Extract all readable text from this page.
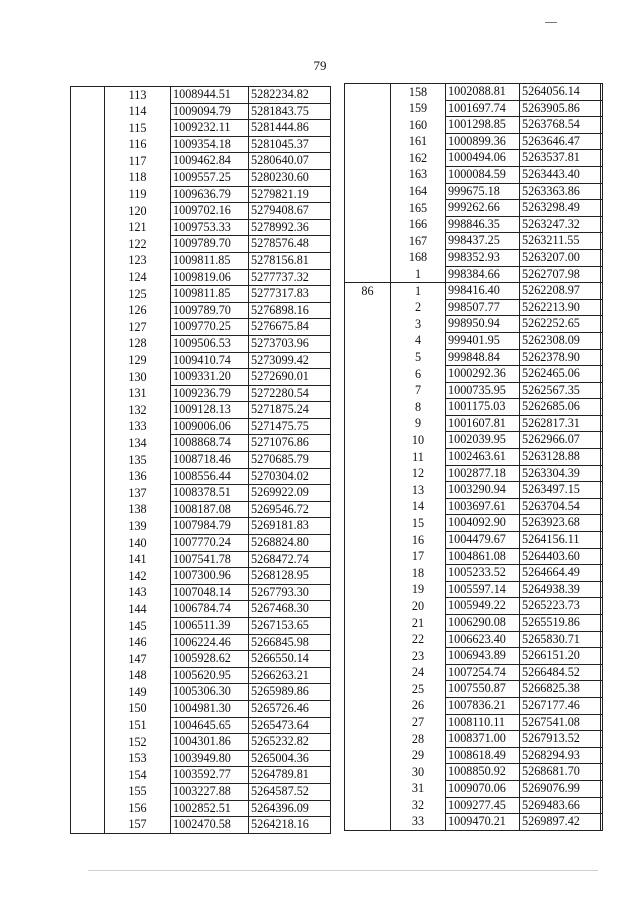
79
	113	1008944.51	5282234.82
	114	1009094.79	5281843.75
	115	1009232.11	5281444.86
	116	1009354.18	5281045.37
	117	1009462.84	5280640.07
	118	1009557.25	5280230.60
	119	1009636.79	5279821.19
	120	1009702.16	5279408.67
	121	1009753.33	5278992.36
	122	1009789.70	5278576.48
	123	1009811.85	5278156.81
	124	1009819.06	5277737.32
	125	1009811.85	5277317.83
	126	1009789.70	5276898.16
	127	1009770.25	5276675.84
	128	1009506.53	5273703.96
	129	1009410.74	5273099.42
	130	1009331.20	5272690.01
	131	1009236.79	5272280.54
	132	1009128.13	5271875.24
	133	1009006.06	5271475.75
	134	1008868.74	5271076.86
	135	1008718.46	5270685.79
	136	1008556.44	5270304.02
	137	1008378.51	5269922.09
	138	1008187.08	5269546.72
	139	1007984.79	5269181.83
	140	1007770.24	5268824.80
	141	1007541.78	5268472.74
	142	1007300.96	5268128.95
	143	1007048.14	5267793.30
	144	1006784.74	5267468.30
	145	1006511.39	5267153.65
	146	1006224.46	5266845.98
	147	1005928.62	5266550.14
	148	1005620.95	5266263.21
	149	1005306.30	5265989.86
	150	1004981.30	5265726.46
	151	1004645.65	5265473.64
	152	1004301.86	5265232.82
	153	1003949.80	5265004.36
	154	1003592.77	5264789.81
	155	1003227.88	5264587.52
	156	1002852.51	5264396.09
	157	1002470.58	5264218.16
	158	1002088.81	5264056.14
	159	1001697.74	5263905.86
	160	1001298.85	5263768.54
	161	1000899.36	5263646.47
	162	1000494.06	5263537.81
	163	1000084.59	5263443.40
	164	999675.18	5263363.86
	165	999262.66	5263298.49
	166	998846.35	5263247.32
	167	998437.25	5263211.55
	168	998352.93	5263207.00
	1	998384.66	5262707.98
86	1	998416.40	5262208.97
	2	998507.77	5262213.90
	3	998950.94	5262252.65
	4	999401.95	5262308.09
	5	999848.84	5262378.90
	6	1000292.36	5262465.06
	7	1000735.95	5262567.35
	8	1001175.03	5262685.06
	9	1001607.81	5262817.31
	10	1002039.95	5262966.07
	11	1002463.61	5263128.88
	12	1002877.18	5263304.39
	13	1003290.94	5263497.15
	14	1003697.61	5263704.54
	15	1004092.90	5263923.68
	16	1004479.67	5264156.11
	17	1004861.08	5264403.60
	18	1005233.52	5264664.49
	19	1005597.14	5264938.39
	20	1005949.22	5265223.73
	21	1006290.08	5265519.86
	22	1006623.40	5265830.71
	23	1006943.89	5266151.20
	24	1007254.74	5266484.52
	25	1007550.87	5266825.38
	26	1007836.21	5267177.46
	27	1008110.11	5267541.08
	28	1008371.00	5267913.52
	29	1008618.49	5268294.93
	30	1008850.92	5268681.70
	31	1009070.06	5269076.99
	32	1009277.45	5269483.66
	33	1009470.21	5269897.42
